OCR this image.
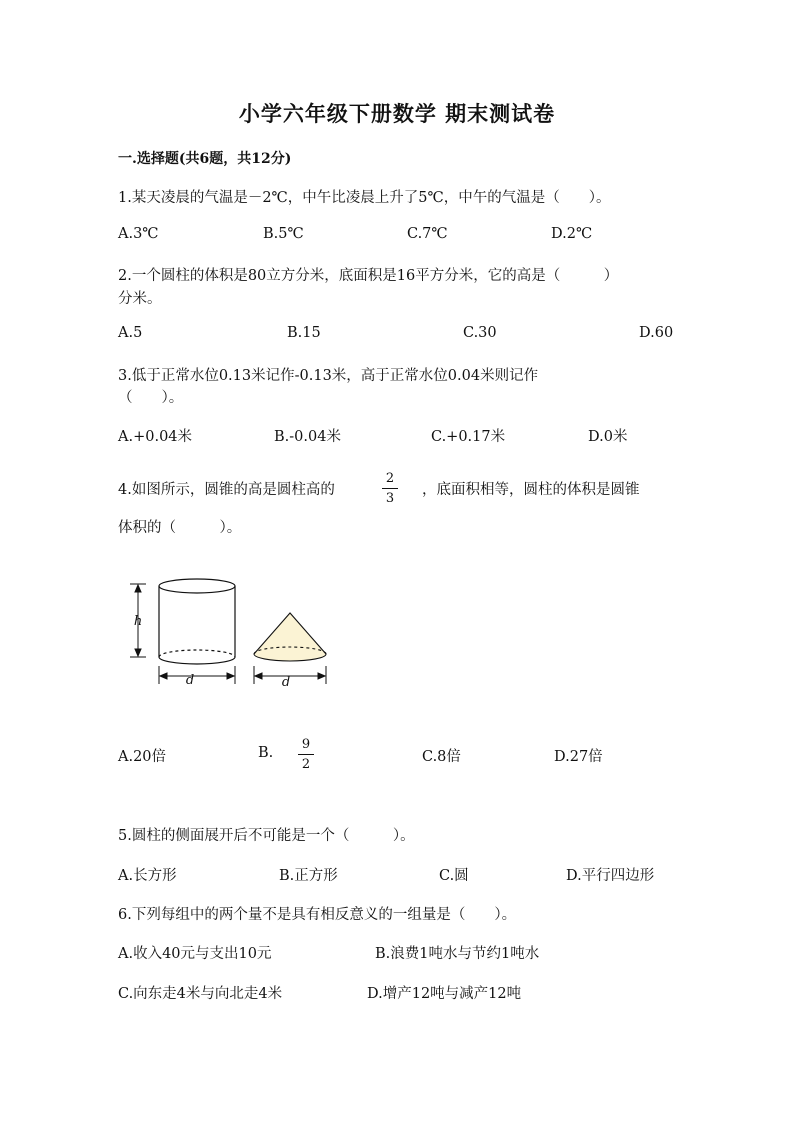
小学六年级下册数学 期末测试卷
一.选择题(共6题，共12分)
1.某天凌晨的气温是－2℃，中午比凌晨上升了5℃，中午的气温是（　　）。
A.3℃	B.5℃	C.7℃	D.2℃
2.一个圆柱的体积是80立方分米，底面积是16平方分米，它的高是（　　　）
分米。
A.5	B.15	C.30	D.60
3.低于正常水位0.13米记作-0.13米，高于正常水位0.04米则记作
（　　）。
A.+0.04米	B.-0.04米	C.+0.17米	D.0米
4.如图所示，圆锥的高是圆柱高的
2
3
，底面积相等，圆柱的体积是圆锥
体积的（　　　）。
h
d	d
A.20倍	B.
9
2	C.8倍	D.27倍
5.圆柱的侧面展开后不可能是一个（　　　）。
A.长方形	B.正方形	C.圆	D.平行四边形
6.下列每组中的两个量不是具有相反意义的一组量是（　　）。
A.收入40元与支出10元	B.浪费1吨水与节约1吨水
C.向东走4米与向北走4米	D.增产12吨与减产12吨
